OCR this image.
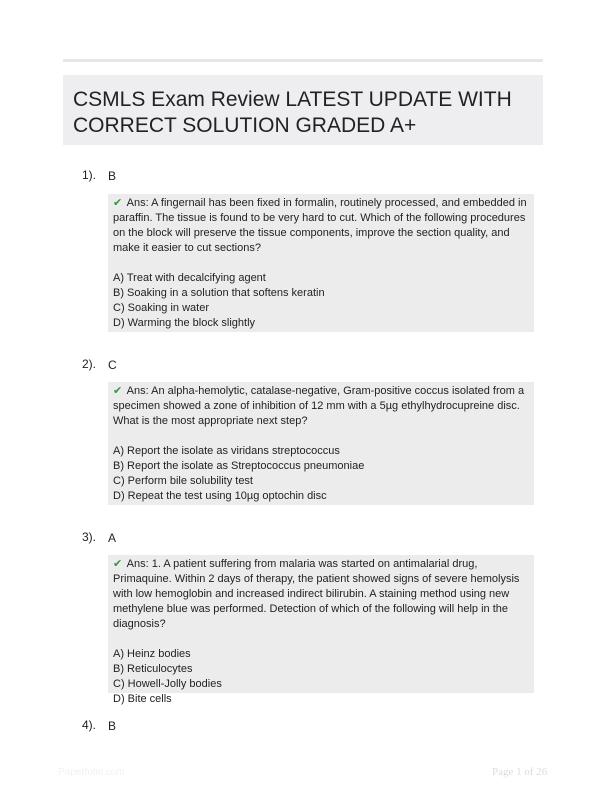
CSMLS Exam Review LATEST UPDATE WITH CORRECT SOLUTION GRADED A+
1). B
✔ Ans: A fingernail has been fixed in formalin, routinely processed, and embedded in paraffin. The tissue is found to be very hard to cut. Which of the following procedures on the block will preserve the tissue components, improve the section quality, and make it easier to cut sections?
A) Treat with decalcifying agent
B) Soaking in a solution that softens keratin
C) Soaking in water
D) Warming the block slightly
2). C
✔ Ans: An alpha-hemolytic, catalase-negative, Gram-positive coccus isolated from a specimen showed a zone of inhibition of 12 mm with a 5µg ethylhydrocupreine disc. What is the most appropriate next step?
A) Report the isolate as viridans streptococcus
B) Report the isolate as Streptococcus pneumoniae
C) Perform bile solubility test
D) Repeat the test using 10µg optochin disc
3). A
✔ Ans: 1. A patient suffering from malaria was started on antimalarial drug, Primaquine. Within 2 days of therapy, the patient showed signs of severe hemolysis with low hemoglobin and increased indirect bilirubin. A staining method using new methylene blue was performed. Detection of which of the following will help in the diagnosis?
A) Heinz bodies
B) Reticulocytes
C) Howell-Jolly bodies
D) Bite cells
4). B
Paperfolio.com	Page 1 of 26
